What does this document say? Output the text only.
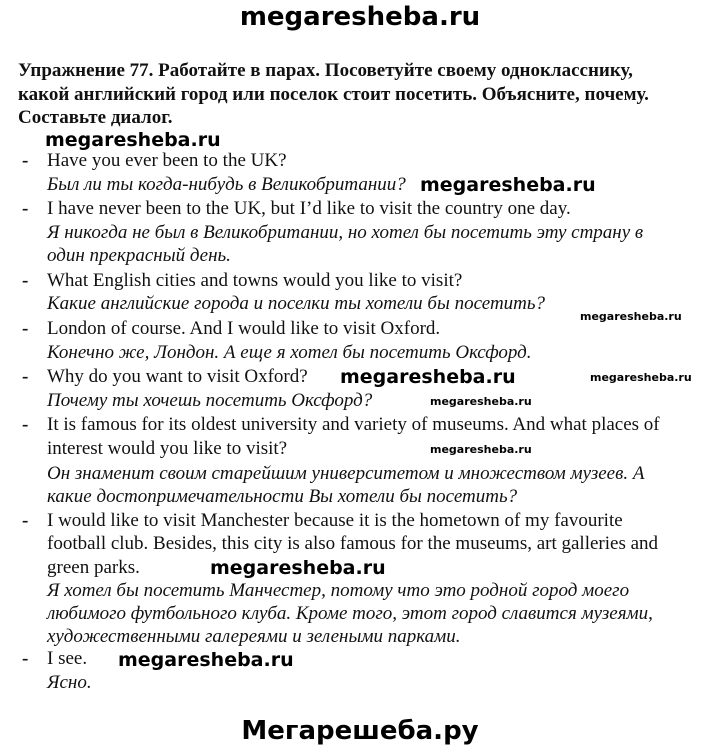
megaresheba.ru
Упражнение 77. Работайте в парах. Посоветуйте своему однокласснику,
какой английский город или поселок стоит посетить. Объясните, почему.
Составьте диалог.
- Have you ever been to the UK?
Был ли ты когда-нибудь в Великобритании?
- I have never been to the UK, but I’d like to visit the country one day.
Я никогда не был в Великобритании, но хотел бы посетить эту страну в
один прекрасный день.
- What English cities and towns would you like to visit?
Какие английские города и поселки ты хотели бы посетить?
- London of course. And I would like to visit Oxford.
Конечно же, Лондон. А еще я хотел бы посетить Оксфорд.
- Why do you want to visit Oxford?
Почему ты хочешь посетить Оксфорд?
- It is famous for its oldest university and variety of museums. And what places of
interest would you like to visit?
Он знаменит своим старейшим университетом и множеством музеев. А
какие достопримечательности Вы хотели бы посетить?
- I would like to visit Manchester because it is the hometown of my favourite
football club. Besides, this city is also famous for the museums, art galleries and
green parks.
Я хотел бы посетить Манчестер, потому что это родной город моего
любимого футбольного клуба. Кроме того, этот город славится музеями,
художественными галереями и зелеными парками.
- I see.
Ясно.
megaresheba.ru
megaresheba.ru
megaresheba.ru
megaresheba.ru	megaresheba.ru
megaresheba.ru
megaresheba.ru
megaresheba.ru
megaresheba.ru
Мегарешеба.ру
